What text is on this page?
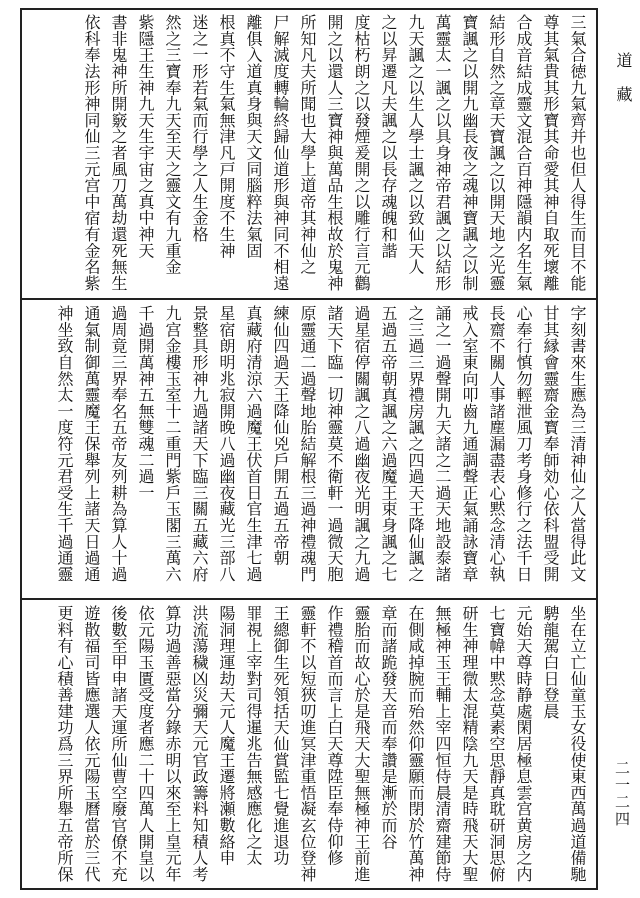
三氣合徳九氣齊并也但人得生而目不能
尊其氣貴其形寶其命愛其神自取死壞離
合成音結成靈文混合百神隱韻内名生氣
結形自然之章天寶諷之以開天地之光靈
寶諷之以開九幽長夜之魂神寶諷之以制
萬靈太一諷之以具身神帝君諷之以結形
九天諷之以生人學士諷之以致仙天人
之以昇遷凡夫諷之以長存魂魄和諧
度枯朽朗之以發煙爰開之以雕行言元鸛
開之以還人三寶神與萬品生根故於鬼神
所知凡夫所聞也大學上道帝其神仙之
尸解滅度轉輪終歸仙道形與神同不相遠
離俱入道真身與天文同腦粹法氣固
根真不守生氣無津凡戸開度不生神
迷之一形若氣而行學之人生金格
然之三寶奉九天至天之靈文有九重金
紫隱王生神九天生宇宙之真中神天
書非鬼神所開竅之者風刀萬劫還死無生
依科奉法形神同仙三元宫中宿有金名紫
字刻書來生應為三清神仙之人當得此文
甘其縁會靈齋金寳奉師効心依科盟受開
心奉行慎勿輕泄風刀考身修行之法千日
長齋不關人事諸塵漏盡表心黙念清心執
戒入室東向叩齒九通調聲正氣誦詠寶章
誦之一過聲開九天諸之二過天地設泰諸
之三過三界禮房諷之四過天王降仙諷之
五過五帝朝真諷之六過魔王束身諷之七
過星宿停關諷之八過幽夜光明諷之九過
諸天下臨一切神靈莫不衛軒一過微天胞
原靈通二過聲地胎結解根三過神禮魂門
練仙四過天王降仙兇戶開五過五帝朝
真藏府清涼六過魔王伏首日官生津七過
星宿朗明兆寂開晚八過幽夜藏光三部八
景整具形神九過諸天下臨三關五藏六府
九宫金樓玉室十二重門紫戶玉閣三萬六
千過開萬神五無雙魂二過一
過周竟三界奉名五帝友列耕為算人十過
通氣制御萬靈魔王保舉列上諸天日過通
神坐致自然太一度符元君受生千過通靈
坐在立亡仙童玉女役使東西萬過道備馳
騁龍駕白日登晨
元始天尊時静處閑居極息雲宫黄房之内
七寶幃中黙念莫素空思靜真耽研洞思俯
研生神理微太混精陰九天是時飛天大聖
無極神玉王輔上宰四恒侍晨清齋建節侍
在側咸掉腕而殆然仰靈願而閉於竹萬神
章而諸跪發天音而奉讚是漸於而谷
靈胎而故心於是飛天大聖無極神王前進
作禮稽首而言上白天尊陞臣奉侍仰修
靈軒不以短狹叨進冥津重悟凝玄位登神
王總御生死領括天仙賞監七覺進退功
罪視上宰對司得暹兆告無感應化之太
陽洞理運劫天元人魔王遷將瀬數絡申
洪流蕩穢凶災彌天元官政籌料知積人考
算功過善惡當分錄赤明以來至上皇元年
依元陽玉匱受度者應二十四萬人開皇以
後數至甲申諸天運所仙曹空廢官僚不充
遊散福司皆應選人依元陽玉曆當於三代
更料有心積善建功爲三界所舉五帝所保
道藏
二一二四
